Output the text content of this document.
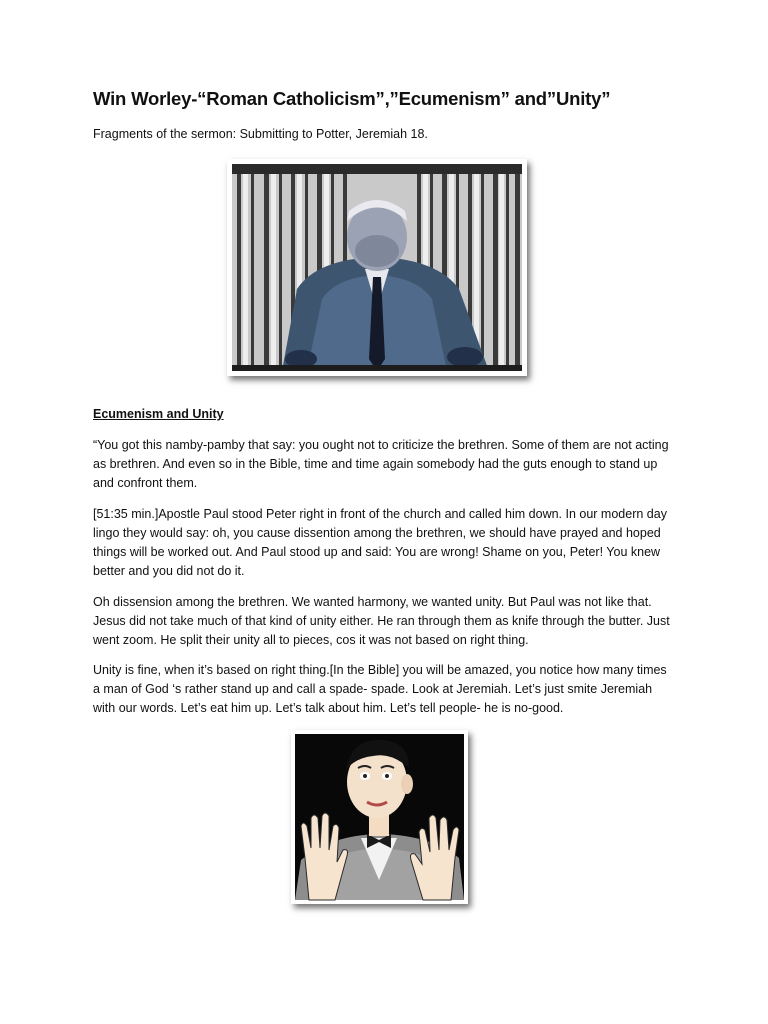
Win Worley-“Roman Catholicism”,”Ecumenism” and”Unity”

Fragments of the sermon: Submitting to Potter, Jeremiah 18.

Ecumenism and Unity

“You got this namby-pamby that say: you ought not to criticize the brethren. Some of them are not acting as brethren. And even so in the Bible, time and time again somebody had the guts enough to stand up and confront them.

[51:35 min.]Apostle Paul stood Peter right in front of the church and called him down. In our modern day lingo they would say: oh, you cause dissention among the brethren, we should have prayed and hoped things will be worked out. And Paul stood up and said: You are wrong! Shame on you, Peter! You knew better and you did not do it.

Oh dissension among the brethren. We wanted harmony, we wanted unity. But Paul was not like that. Jesus did not take much of that kind of unity either. He ran through them as knife through the butter. Just went zoom. He split their unity all to pieces, cos it was not based on right thing.

Unity is fine, when it’s based on right thing.[In the Bible] you will be amazed, you notice how many times a man of God ‘s rather stand up and call a spade- spade. Look at Jeremiah. Let’s just smite Jeremiah with our words. Let’s eat him up. Let’s talk about him. Let’s tell people- he is no-good.
